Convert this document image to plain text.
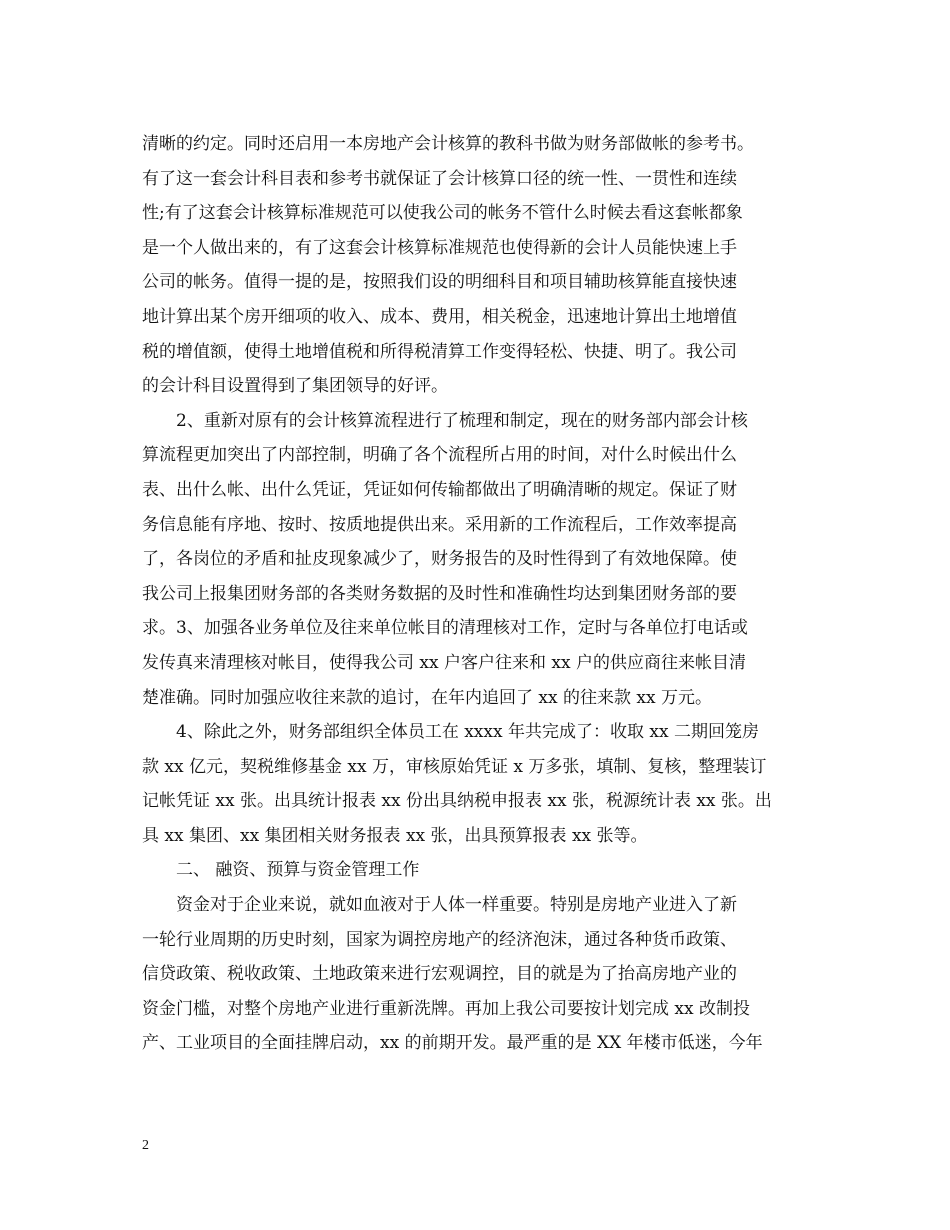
清晰的约定。同时还启用一本房地产会计核算的教科书做为财务部做帐的参考书。
有了这一套会计科目表和参考书就保证了会计核算口径的统一性、一贯性和连续
性;有了这套会计核算标准规范可以使我公司的帐务不管什么时候去看这套帐都象
是一个人做出来的，有了这套会计核算标准规范也使得新的会计人员能快速上手
公司的帐务。值得一提的是，按照我们设的明细科目和项目辅助核算能直接快速
地计算出某个房开细项的收入、成本、费用，相关税金，迅速地计算出土地增值
税的增值额，使得土地增值税和所得税清算工作变得轻松、快捷、明了。我公司
的会计科目设置得到了集团领导的好评。
2、重新对原有的会计核算流程进行了梳理和制定，现在的财务部内部会计核
算流程更加突出了内部控制，明确了各个流程所占用的时间，对什么时候出什么
表、出什么帐、出什么凭证，凭证如何传输都做出了明确清晰的规定。保证了财
务信息能有序地、按时、按质地提供出来。采用新的工作流程后，工作效率提高
了，各岗位的矛盾和扯皮现象减少了，财务报告的及时性得到了有效地保障。使
我公司上报集团财务部的各类财务数据的及时性和准确性均达到集团财务部的要
求。3、加强各业务单位及往来单位帐目的清理核对工作，定时与各单位打电话或
发传真来清理核对帐目，使得我公司 xx 户客户往来和 xx 户的供应商往来帐目清
楚准确。同时加强应收往来款的追讨，在年内追回了 xx 的往来款 xx 万元。
4、除此之外，财务部组织全体员工在 xxxx 年共完成了：收取 xx 二期回笼房
款 xx 亿元，契税维修基金 xx 万，审核原始凭证 x 万多张，填制、复核，整理装订
记帐凭证 xx 张。出具统计报表 xx 份出具纳税申报表 xx 张，税源统计表 xx 张。出
具 xx 集团、xx 集团相关财务报表 xx 张，出具预算报表 xx 张等。
二、 融资、预算与资金管理工作
资金对于企业来说，就如血液对于人体一样重要。特别是房地产业进入了新
一轮行业周期的历史时刻，国家为调控房地产的经济泡沫，通过各种货币政策、
信贷政策、税收政策、土地政策来进行宏观调控，目的就是为了抬高房地产业的
资金门槛，对整个房地产业进行重新洗牌。再加上我公司要按计划完成 xx 改制投
产、工业项目的全面挂牌启动，xx 的前期开发。最严重的是 XX 年楼市低迷，今年
2
